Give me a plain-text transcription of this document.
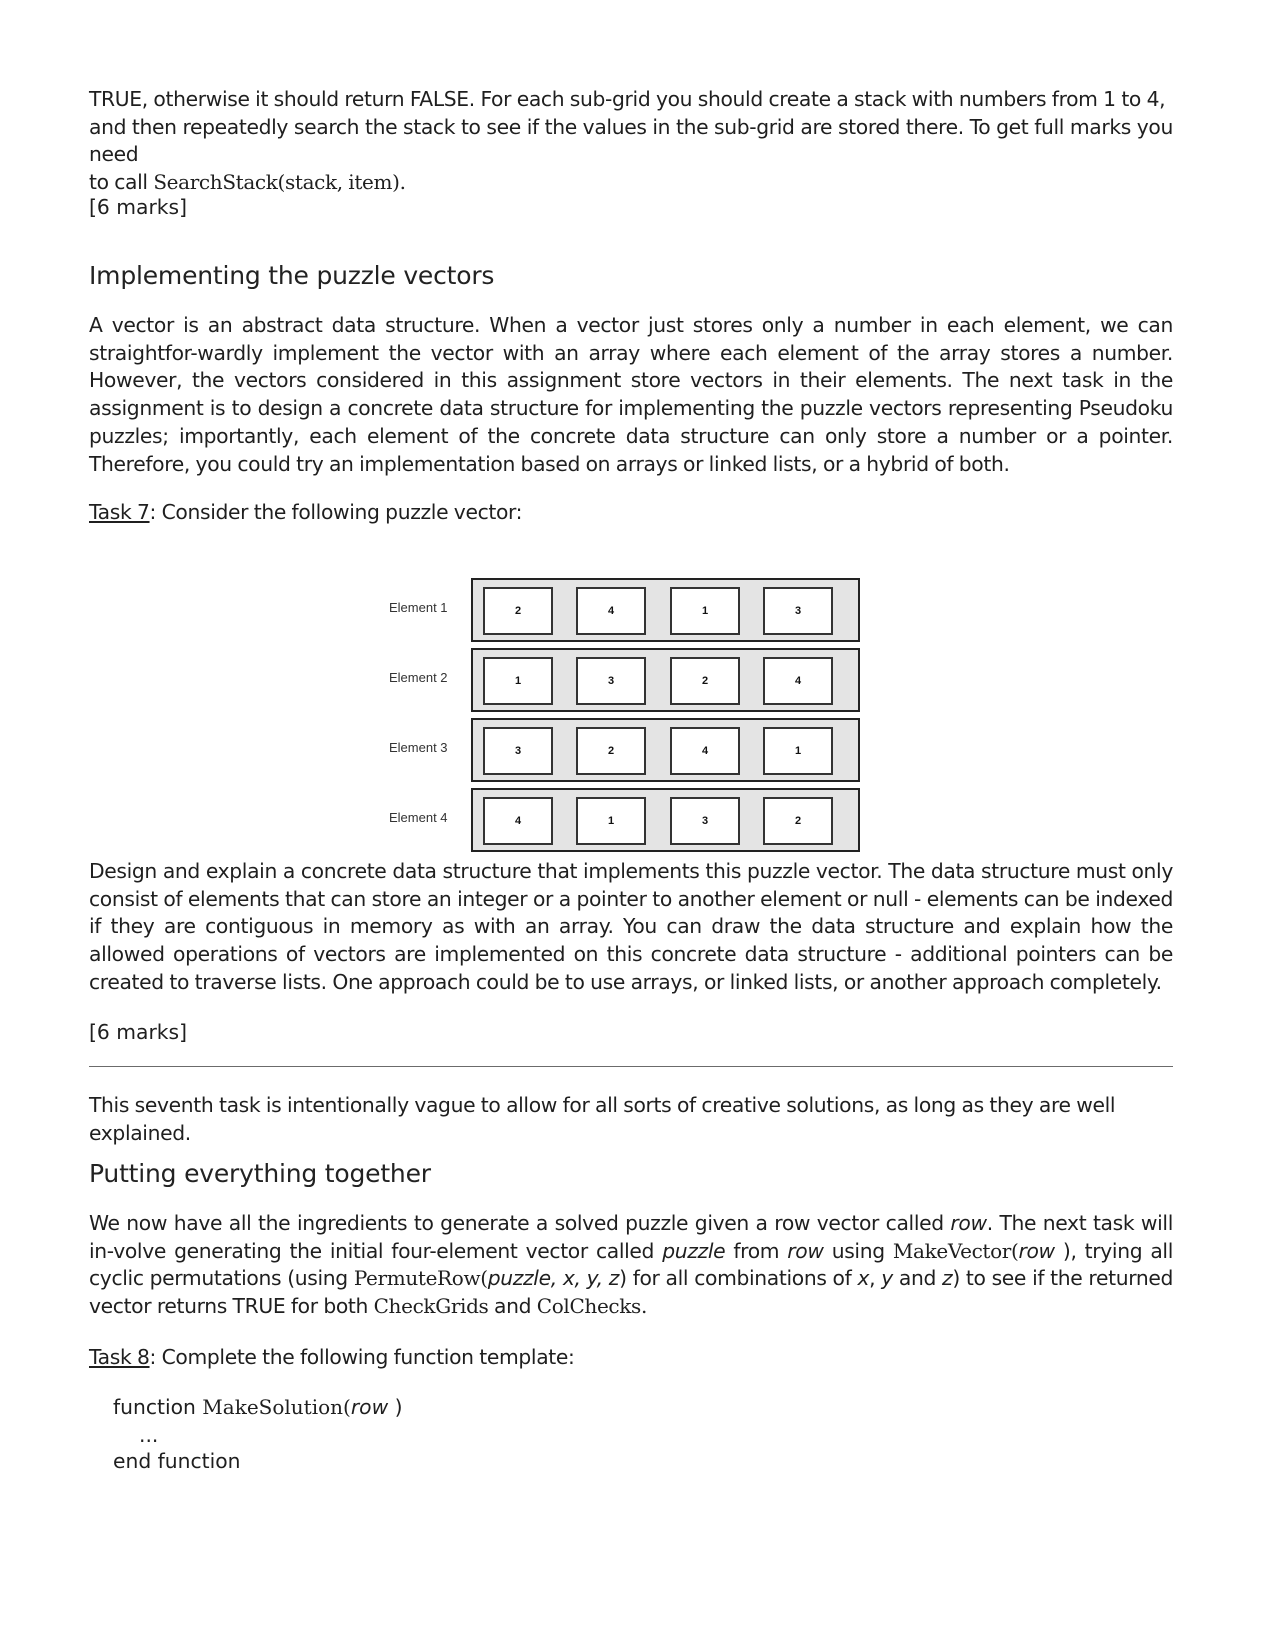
TRUE, otherwise it should return FALSE. For each sub-grid you should create a stack with numbers from 1 to 4,

and then repeatedly search the stack to see if the values in the sub-grid are stored there. To get full marks you need

to call SearchStack(stack, item).

[6 marks]

Implementing the puzzle vectors

A vector is an abstract data structure. When a vector just stores only a number in each element, we can straightfor-wardly implement the vector with an array where each element of the array stores a number. However, the vectors considered in this assignment store vectors in their elements. The next task in the assignment is to design a concrete data structure for implementing the puzzle vectors representing Pseudoku puzzles; importantly, each element of the concrete data structure can only store a number or a pointer. Therefore, you could try an implementation based on arrays or linked lists, or a hybrid of both.

Task 7: Consider the following puzzle vector:

Element 1	2	4	1	3
Element 2	1	3	2	4
Element 3	3	2	4	1
Element 4	4	1	3	2

Design and explain a concrete data structure that implements this puzzle vector. The data structure must only consist of elements that can store an integer or a pointer to another element or null - elements can be indexed if they are contiguous in memory as with an array. You can draw the data structure and explain how the allowed operations of vectors are implemented on this concrete data structure - additional pointers can be created to traverse lists. One approach could be to use arrays, or linked lists, or another approach completely.

[6 marks]

This seventh task is intentionally vague to allow for all sorts of creative solutions, as long as they are well explained.

Putting everything together

We now have all the ingredients to generate a solved puzzle given a row vector called row. The next task will in-volve generating the initial four-element vector called puzzle from row using MakeVector(row ), trying all cyclic permutations (using PermuteRow(puzzle, x, y, z) for all combinations of x, y and z) to see if the returned vector returns TRUE for both CheckGrids and ColChecks.

Task 8: Complete the following function template:

function MakeSolution(row )
...
end function
